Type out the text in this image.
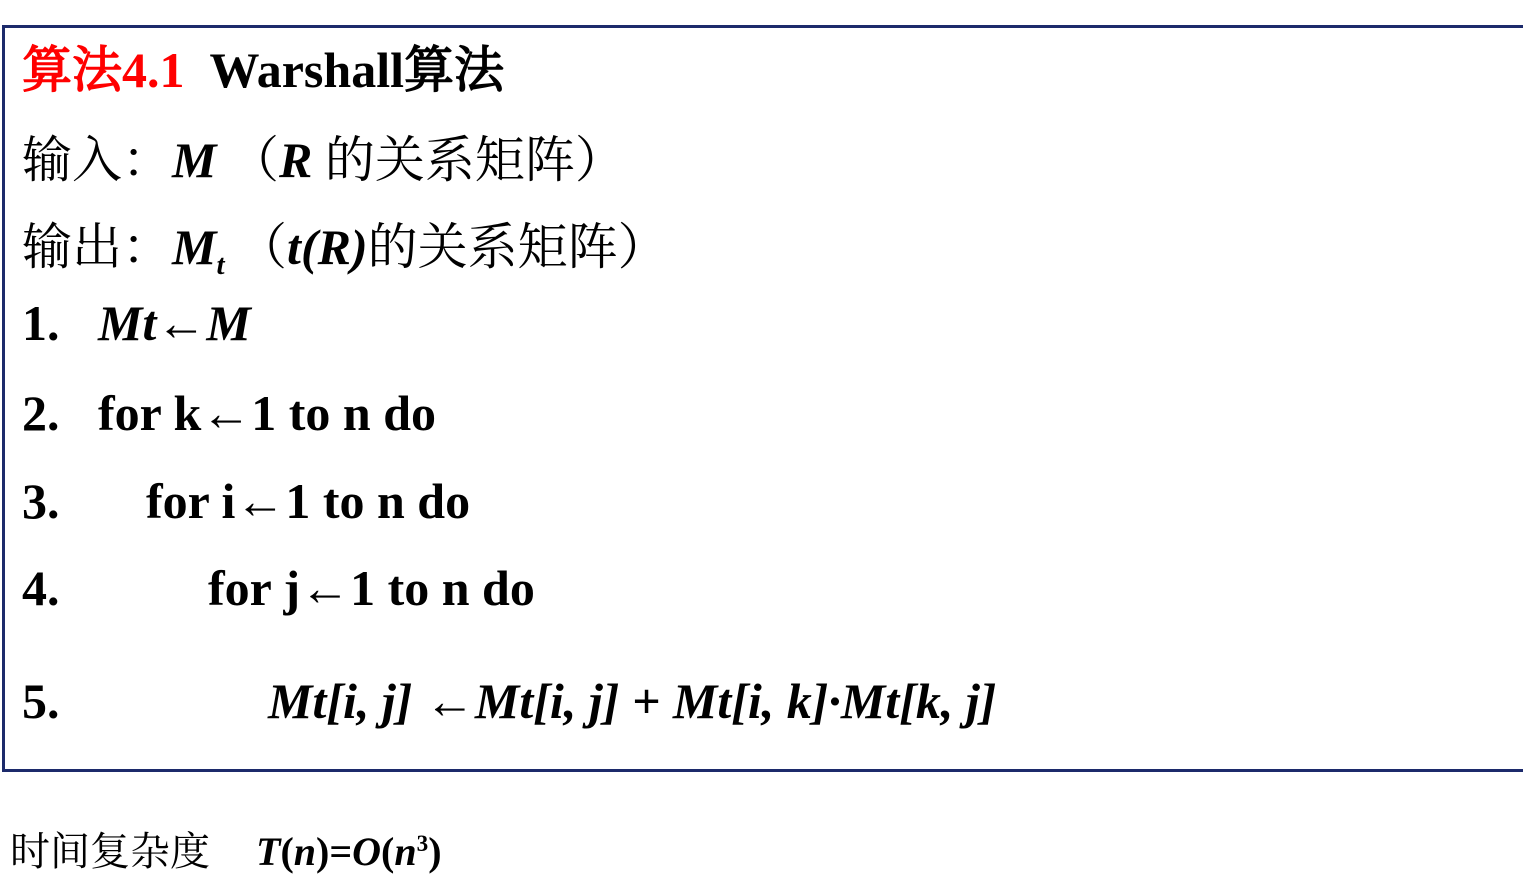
算法4.1 Warshall算法
输入：M （R 的关系矩阵）
输出：$M_t$ （t(R)的关系矩阵）
1. Mt←M
2. for k←1 to n do
3. for i←1 to n do
4.	for j←1 to n do
5.	Mt[i, j] ←Mt[i, j] + Mt[i, k]·Mt[k, j]
时间复杂度 $T(n)=O(n^3)$
